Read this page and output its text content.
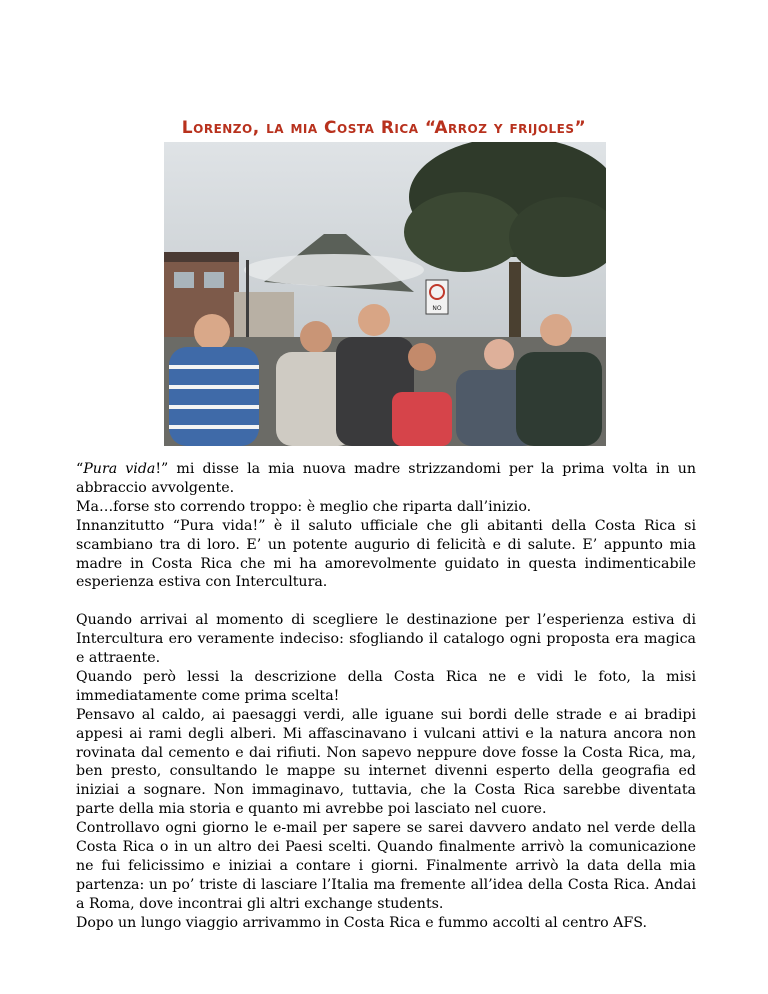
Lorenzo, la mia Costa Rica “Arroz y frijoles”
NO

“Pura vida!” mi disse la mia nuova madre strizzandomi per la prima volta in un abbraccio avvolgente.

Ma…forse sto correndo troppo: è meglio che riparta dall’inizio.

Innanzitutto “Pura vida!” è il saluto ufficiale che gli abitanti della Costa Rica si scambiano tra di loro. E’ un potente augurio di felicità e di salute. E’ appunto mia madre in Costa Rica che mi ha amorevolmente guidato in questa indimenticabile esperienza estiva con Intercultura.

Quando arrivai al momento di scegliere le destinazione per l’esperienza estiva di Intercultura ero veramente indeciso: sfogliando il catalogo ogni proposta era magica e attraente.

Quando però lessi la descrizione della Costa Rica ne e vidi le foto, la misi immediatamente come prima scelta!

Pensavo al caldo, ai paesaggi verdi, alle iguane sui bordi delle strade e ai bradipi appesi ai rami degli alberi. Mi affascinavano i vulcani attivi e la natura ancora non rovinata dal cemento e dai rifiuti. Non sapevo neppure dove fosse la Costa Rica, ma, ben presto, consultando le mappe su internet divenni esperto della geografia ed iniziai a sognare. Non immaginavo, tuttavia, che la Costa Rica sarebbe diventata parte della mia storia e quanto mi avrebbe poi lasciato nel cuore.

Controllavo ogni giorno le e-mail per sapere se sarei davvero andato nel verde della Costa Rica o in un altro dei Paesi scelti. Quando finalmente arrivò la comunicazione ne fui felicissimo e iniziai a contare i giorni. Finalmente arrivò la data della mia partenza: un po’ triste di lasciare l’Italia ma fremente all’idea della Costa Rica. Andai a Roma, dove incontrai gli altri exchange students.

Dopo un lungo viaggio arrivammo in Costa Rica e fummo accolti al centro AFS.
